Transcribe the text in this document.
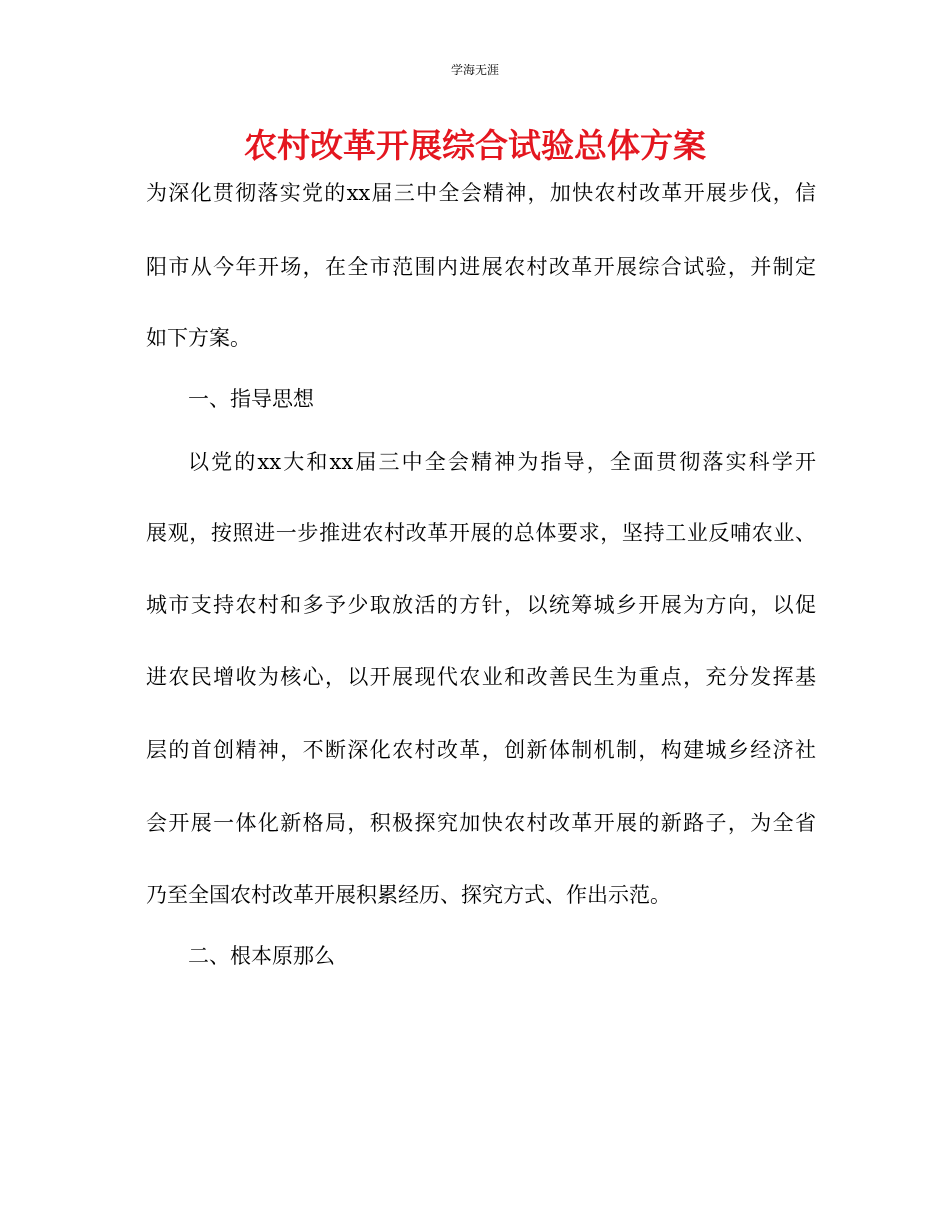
学海无涯
农村改革开展综合试验总体方案
为深化贯彻落实党的xx届三中全会精神，加快农村改革开展步伐，信
阳市从今年开场，在全市范围内进展农村改革开展综合试验，并制定
如下方案。
一、指导思想
以党的xx大和xx届三中全会精神为指导，全面贯彻落实科学开
展观，按照进一步推进农村改革开展的总体要求，坚持工业反哺农业、
城市支持农村和多予少取放活的方针，以统筹城乡开展为方向，以促
进农民增收为核心，以开展现代农业和改善民生为重点，充分发挥基
层的首创精神，不断深化农村改革，创新体制机制，构建城乡经济社
会开展一体化新格局，积极探究加快农村改革开展的新路子，为全省
乃至全国农村改革开展积累经历、探究方式、作出示范。
二、根本原那么
